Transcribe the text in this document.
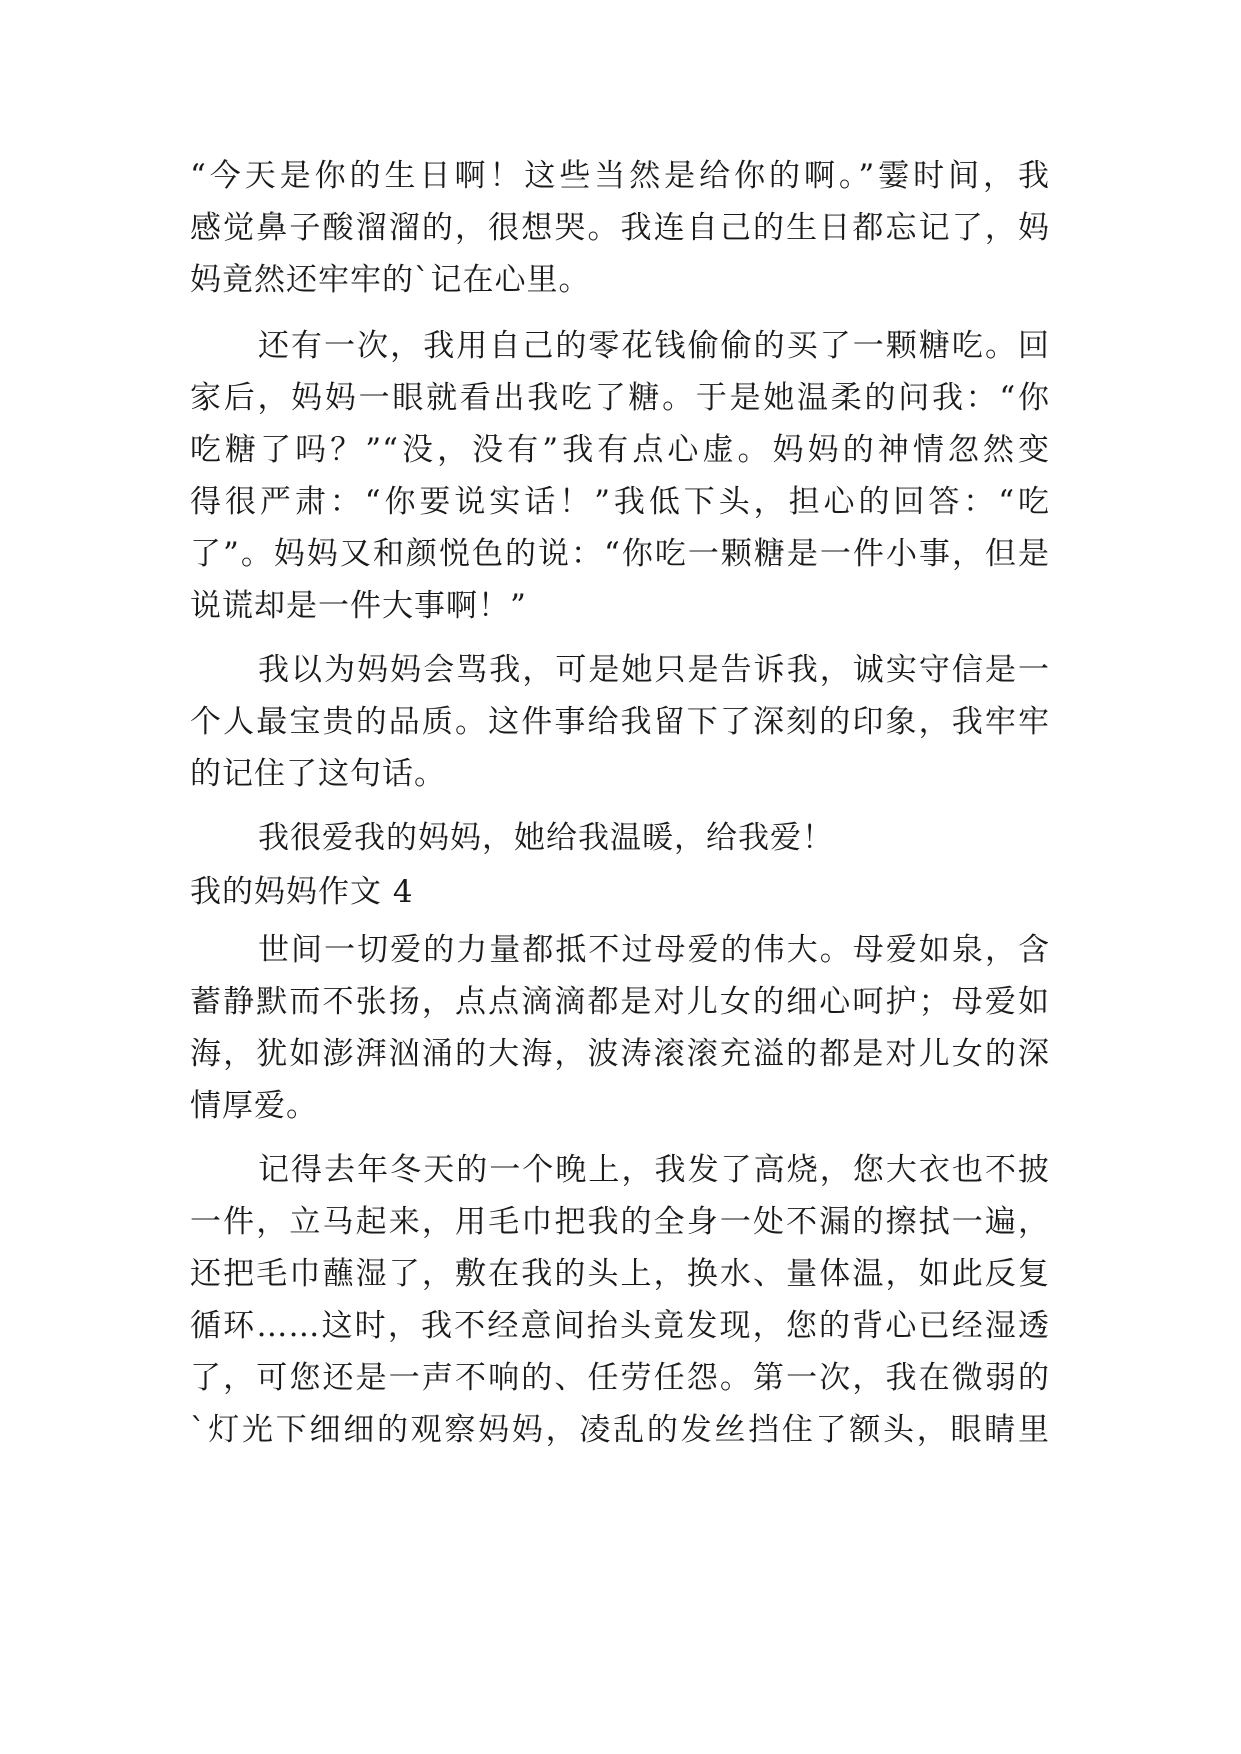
“今天是你的生日啊！这些当然是给你的啊。”霎时间，我
感觉鼻子酸溜溜的，很想哭。我连自己的生日都忘记了，妈
妈竟然还牢牢的`记在心里。
还有一次，我用自己的零花钱偷偷的买了一颗糖吃。回
家后，妈妈一眼就看出我吃了糖。于是她温柔的问我：“你
吃糖了吗？”“没，没有”我有点心虚。妈妈的神情忽然变
得很严肃：“你要说实话！”我低下头，担心的回答：“吃
了”。妈妈又和颜悦色的说：“你吃一颗糖是一件小事，但是
说谎却是一件大事啊！”
我以为妈妈会骂我，可是她只是告诉我，诚实守信是一
个人最宝贵的品质。这件事给我留下了深刻的印象，我牢牢
的记住了这句话。
我很爱我的妈妈，她给我温暖，给我爱！
我的妈妈作文 4
世间一切爱的力量都抵不过母爱的伟大。母爱如泉，含
蓄静默而不张扬，点点滴滴都是对儿女的细心呵护；母爱如
海，犹如澎湃汹涌的大海，波涛滚滚充溢的都是对儿女的深
情厚爱。
记得去年冬天的一个晚上，我发了高烧，您大衣也不披
一件，立马起来，用毛巾把我的全身一处不漏的擦拭一遍，
还把毛巾蘸湿了，敷在我的头上，换水、量体温，如此反复
循环……这时，我不经意间抬头竟发现，您的背心已经湿透
了，可您还是一声不响的、任劳任怨。第一次，我在微弱的
`灯光下细细的观察妈妈，凌乱的发丝挡住了额头，眼睛里
